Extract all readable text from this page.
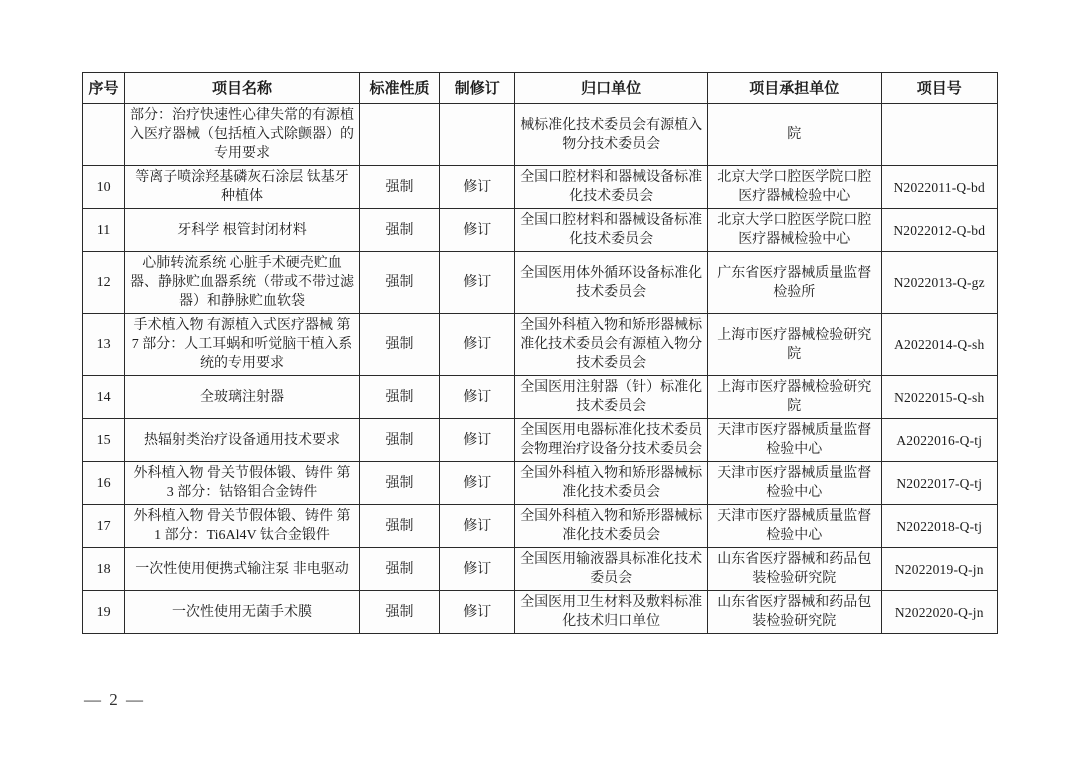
序号	项目名称	标准性质	制修订	归口单位	项目承担单位	项目号
	部分：治疗快速性心律失常的有源植入医疗器械（包括植入式除颤器）的专用要求			械标准化技术委员会有源植入物分技术委员会	院	
10	等离子喷涂羟基磷灰石涂层 钛基牙种植体	强制	修订	全国口腔材料和器械设备标准化技术委员会	北京大学口腔医学院口腔医疗器械检验中心	N2022011-Q-bd
11	牙科学 根管封闭材料	强制	修订	全国口腔材料和器械设备标准化技术委员会	北京大学口腔医学院口腔医疗器械检验中心	N2022012-Q-bd
12	心肺转流系统 心脏手术硬壳贮血器、静脉贮血器系统（带或不带过滤器）和静脉贮血软袋	强制	修订	全国医用体外循环设备标准化技术委员会	广东省医疗器械质量监督检验所	N2022013-Q-gz
13	手术植入物 有源植入式医疗器械 第 7 部分：人工耳蜗和听觉脑干植入系统的专用要求	强制	修订	全国外科植入物和矫形器械标准化技术委员会有源植入物分技术委员会	上海市医疗器械检验研究院	A2022014-Q-sh
14	全玻璃注射器	强制	修订	全国医用注射器（针）标准化技术委员会	上海市医疗器械检验研究院	N2022015-Q-sh
15	热辐射类治疗设备通用技术要求	强制	修订	全国医用电器标准化技术委员会物理治疗设备分技术委员会	天津市医疗器械质量监督检验中心	A2022016-Q-tj
16	外科植入物 骨关节假体锻、铸件 第 3 部分：钴铬钼合金铸件	强制	修订	全国外科植入物和矫形器械标准化技术委员会	天津市医疗器械质量监督检验中心	N2022017-Q-tj
17	外科植入物 骨关节假体锻、铸件 第 1 部分：Ti6Al4V 钛合金锻件	强制	修订	全国外科植入物和矫形器械标准化技术委员会	天津市医疗器械质量监督检验中心	N2022018-Q-tj
18	一次性使用便携式输注泵 非电驱动	强制	修订	全国医用输液器具标准化技术委员会	山东省医疗器械和药品包装检验研究院	N2022019-Q-jn
19	一次性使用无菌手术膜	强制	修订	全国医用卫生材料及敷料标准化技术归口单位	山东省医疗器械和药品包装检验研究院	N2022020-Q-jn
— 2 —
